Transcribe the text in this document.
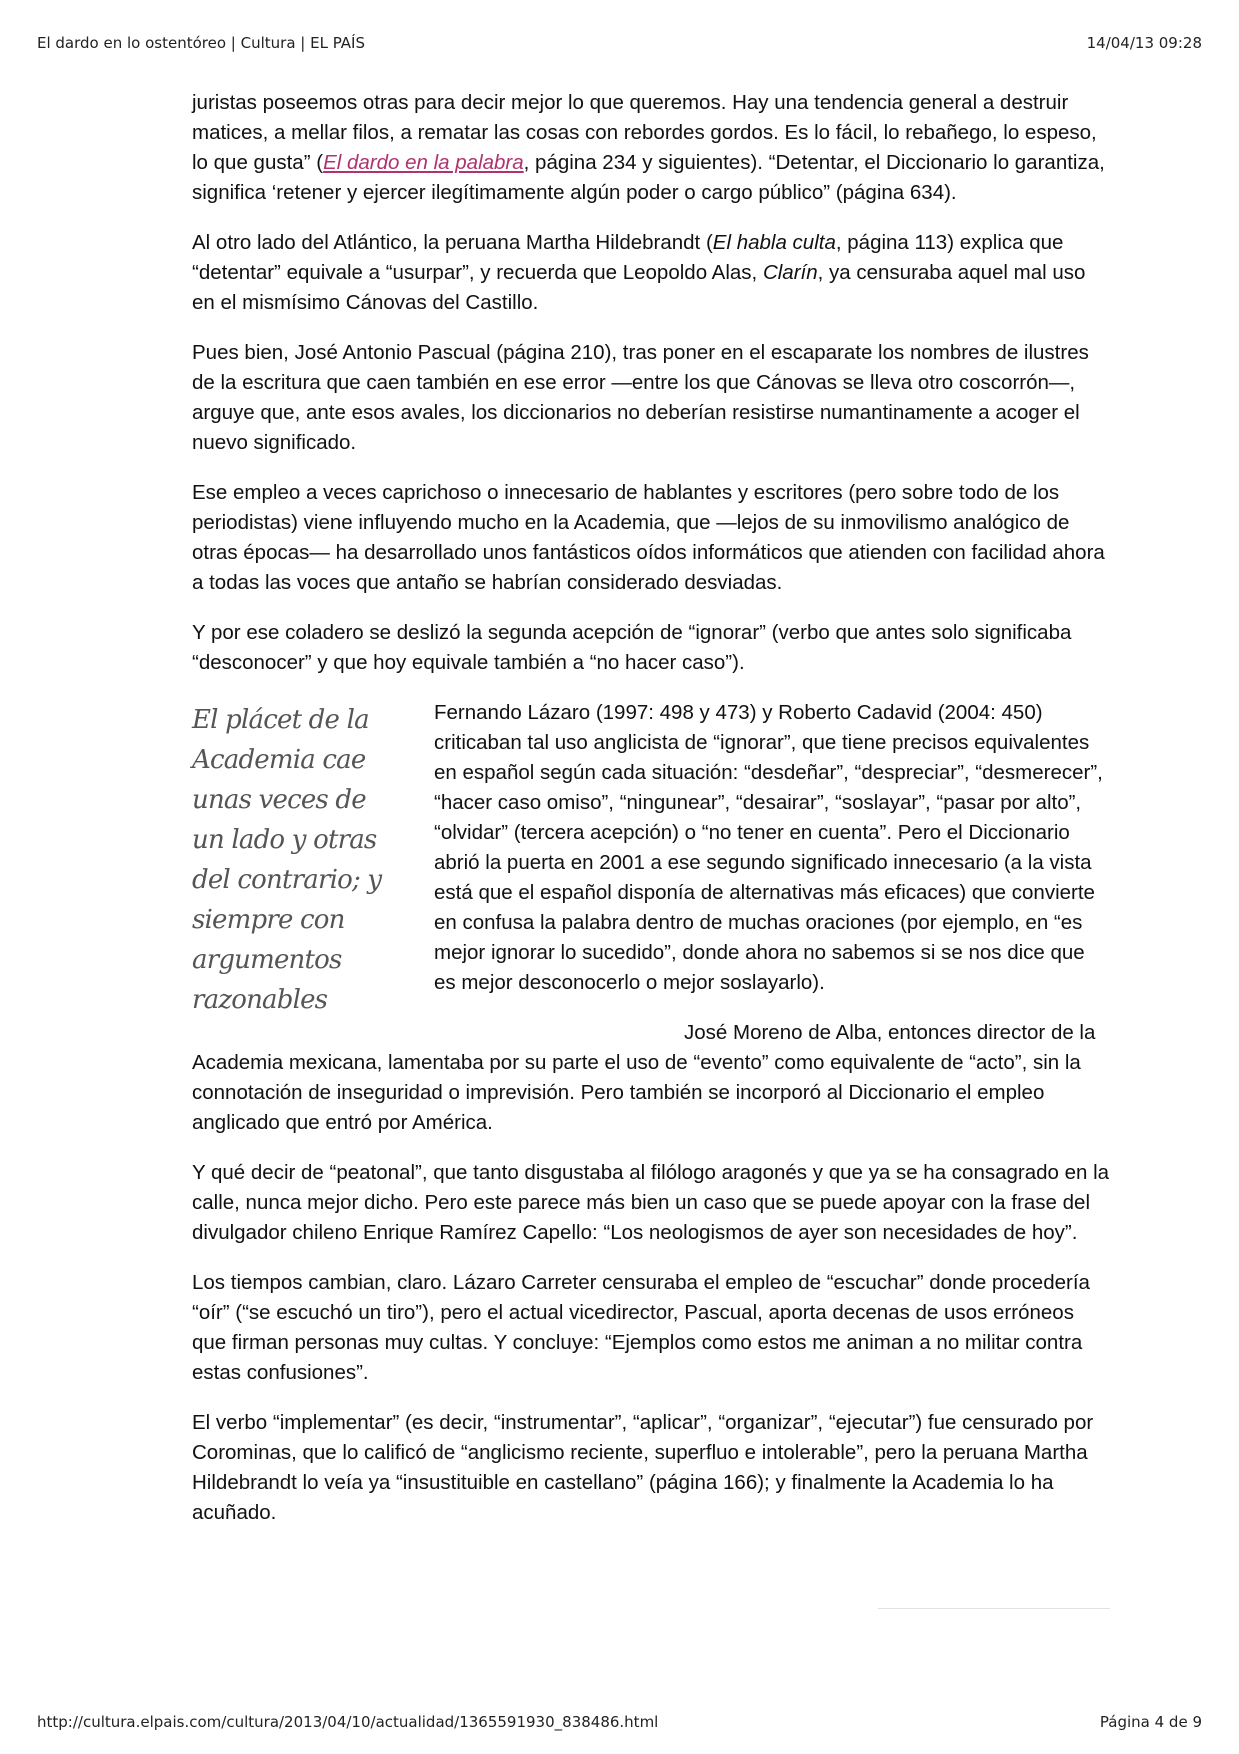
El dardo en lo ostentóreo | Cultura | EL PAÍS	14/04/13 09:28

juristas poseemos otras para decir mejor lo que queremos. Hay una tendencia general a destruir matices, a mellar filos, a rematar las cosas con rebordes gordos. Es lo fácil, lo rebañego, lo espeso, lo que gusta” (El dardo en la palabra, página 234 y siguientes). “Detentar, el Diccionario lo garantiza, significa ‘retener y ejercer ilegítimamente algún poder o cargo público” (página 634).

Al otro lado del Atlántico, la peruana Martha Hildebrandt (El habla culta, página 113) explica que “detentar” equivale a “usurpar”, y recuerda que Leopoldo Alas, Clarín, ya censuraba aquel mal uso en el mismísimo Cánovas del Castillo.

Pues bien, José Antonio Pascual (página 210), tras poner en el escaparate los nombres de ilustres de la escritura que caen también en ese error —entre los que Cánovas se lleva otro coscorrón—, arguye que, ante esos avales, los diccionarios no deberían resistirse numantinamente a acoger el nuevo significado.

Ese empleo a veces caprichoso o innecesario de hablantes y escritores (pero sobre todo de los periodistas) viene influyendo mucho en la Academia, que —lejos de su inmovilismo analógico de otras épocas— ha desarrollado unos fantásticos oídos informáticos que atienden con facilidad ahora a todas las voces que antaño se habrían considerado desviadas.

Y por ese coladero se deslizó la segunda acepción de “ignorar” (verbo que antes solo significaba “desconocer” y que hoy equivale también a “no hacer caso”).

El plácet de la Academia cae unas veces de un lado y otras del contrario; y siempre con argumentos razonables

Fernando Lázaro (1997: 498 y 473) y Roberto Cadavid (2004: 450) criticaban tal uso anglicista de “ignorar”, que tiene precisos equivalentes en español según cada situación: “desdeñar”, “despreciar”, “desmerecer”, “hacer caso omiso”, “ningunear”, “desairar”, “soslayar”, “pasar por alto”, “olvidar” (tercera acepción) o “no tener en cuenta”. Pero el Diccionario abrió la puerta en 2001 a ese segundo significado innecesario (a la vista está que el español disponía de alternativas más eficaces) que convierte en confusa la palabra dentro de muchas oraciones (por ejemplo, en “es mejor ignorar lo sucedido”, donde ahora no sabemos si se nos dice que es mejor desconocerlo o mejor soslayarlo).

José Moreno de Alba, entonces director de la Academia mexicana, lamentaba por su parte el uso de “evento” como equivalente de “acto”, sin la connotación de inseguridad o imprevisión. Pero también se incorporó al Diccionario el empleo anglicado que entró por América.

Y qué decir de “peatonal”, que tanto disgustaba al filólogo aragonés y que ya se ha consagrado en la calle, nunca mejor dicho. Pero este parece más bien un caso que se puede apoyar con la frase del divulgador chileno Enrique Ramírez Capello: “Los neologismos de ayer son necesidades de hoy”.

Los tiempos cambian, claro. Lázaro Carreter censuraba el empleo de “escuchar” donde procedería “oír” (“se escuchó un tiro”), pero el actual vicedirector, Pascual, aporta decenas de usos erróneos que firman personas muy cultas. Y concluye: “Ejemplos como estos me animan a no militar contra estas confusiones”.

El verbo “implementar” (es decir, “instrumentar”, “aplicar”, “organizar”, “ejecutar”) fue censurado por Corominas, que lo calificó de “anglicismo reciente, superfluo e intolerable”, pero la peruana Martha Hildebrandt lo veía ya “insustituible en castellano” (página 166); y finalmente la Academia lo ha acuñado.

http://cultura.elpais.com/cultura/2013/04/10/actualidad/1365591930_838486.html	Página 4 de 9
